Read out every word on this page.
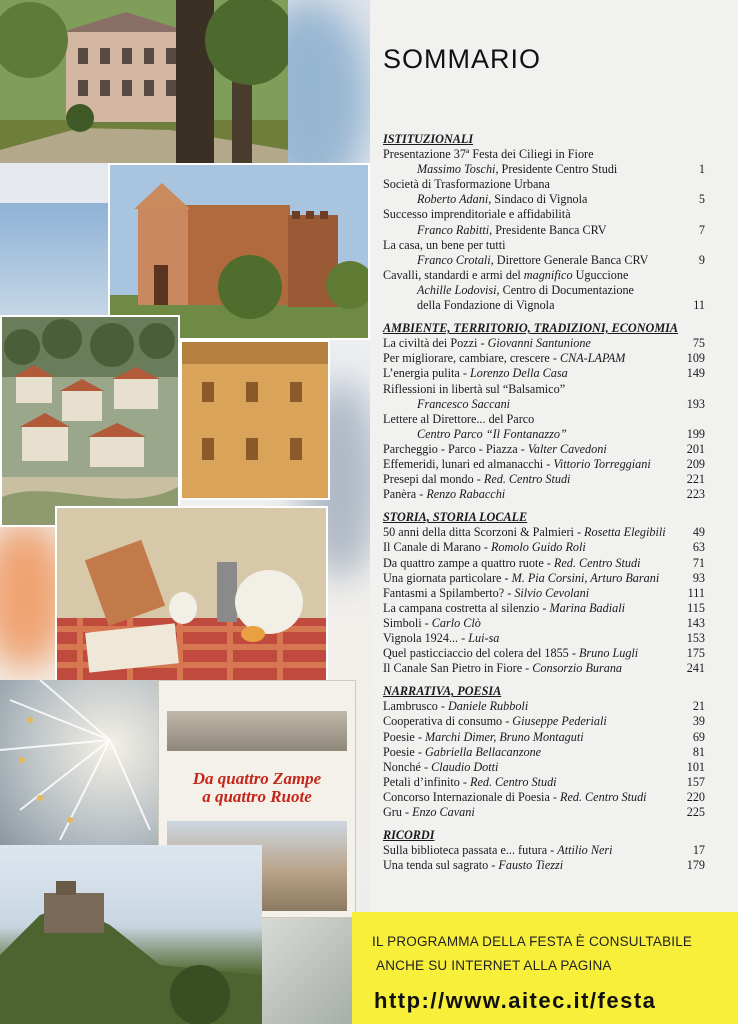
Da quattro Zampe
a quattro Ruote
SOMMARIO
ISTITUZIONALI
Presentazione 37ª Festa dei Ciliegi in Fiore
Massimo Toschi, Presidente Centro Studi	1
Società di Trasformazione Urbana
Roberto Adani, Sindaco di Vignola	5
Successo imprenditoriale e affidabilità
Franco Rabitti, Presidente Banca CRV	7
La casa, un bene per tutti
Franco Crotali, Direttore Generale Banca CRV	9
Cavalli, standardi e armi del magnifico Uguccione
Achille Lodovisi, Centro di Documentazione
della Fondazione di Vignola	11
AMBIENTE, TERRITORIO, TRADIZIONI, ECONOMIA
La civiltà dei Pozzi - Giovanni Santunione	75
Per migliorare, cambiare, crescere - CNA-LAPAM	109
L’energia pulita - Lorenzo Della Casa	149
Riflessioni in libertà sul “Balsamico”
Francesco Saccani	193
Lettere al Direttore... del Parco
Centro Parco “Il Fontanazzo”	199
Parcheggio - Parco - Piazza - Valter Cavedoni	201
Effemeridi, lunari ed almanacchi - Vittorio Torreggiani	209
Presepi dal mondo - Red. Centro Studi	221
Panèra - Renzo Rabacchi	223
STORIA, STORIA LOCALE
50 anni della ditta Scorzoni & Palmieri - Rosetta Elegibili	49
Il Canale di Marano - Romolo Guido Roli	63
Da quattro zampe a quattro ruote - Red. Centro Studi	71
Una giornata particolare - M. Pia Corsini, Arturo Barani	93
Fantasmi a Spilamberto? - Silvio Cevolani	111
La campana costretta al silenzio - Marina Badiali	115
Simboli - Carlo Clò	143
Vignola 1924... - Lui-sa	153
Quel pasticciaccio del colera del 1855 - Bruno Lugli	175
Il Canale San Pietro in Fiore - Consorzio Burana	241
NARRATIVA, POESIA
Lambrusco - Daniele Rubboli	21
Cooperativa di consumo - Giuseppe Pederiali	39
Poesie - Marchi Dimer, Bruno Montaguti	69
Poesie - Gabriella Bellacanzone	81
Nonché - Claudio Dotti	101
Petali d’infinito - Red. Centro Studi	157
Concorso Internazionale di Poesia - Red. Centro Studi	220
Gru - Enzo Cavani	225
RICORDI
Sulla biblioteca passata e... futura - Attilio Neri	17
Una tenda sul sagrato - Fausto Tiezzi	179
IL PROGRAMMA DELLA FESTA È CONSULTABILE
ANCHE SU INTERNET ALLA PAGINA
http://www.aitec.it/festa
